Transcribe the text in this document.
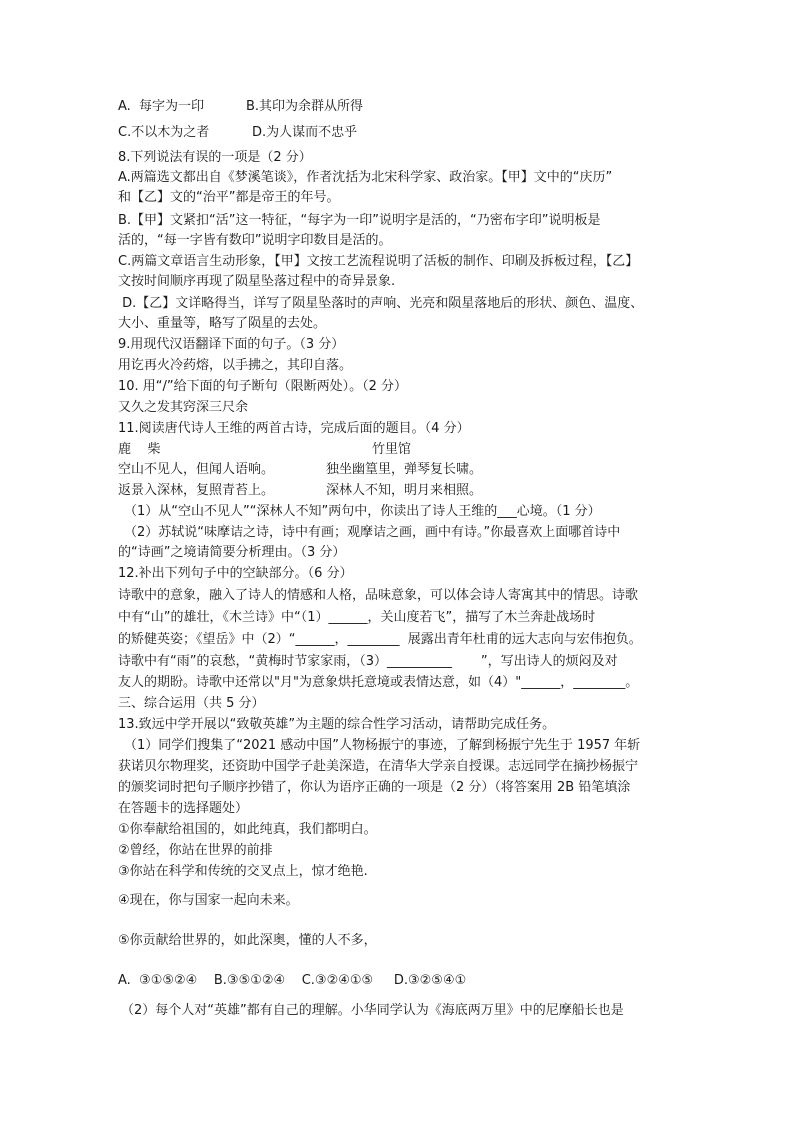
A.  每字为一印	B.其印为余群从所得
C.不以木为之者	D.为人谋而不忠乎
8.下列说法有误的一项是（2 分）
A.两篇选文都出自《梦溪笔谈》，作者沈括为北宋科学家、政治家。【甲】文中的“庆历”
和【乙】文的“治平”都是帝王的年号。
B.【甲】文紧扣“活”这一特征，“每字为一印”说明字是活的，“乃密布字印”说明板是
活的，“每一字皆有数印”说明字印数目是活的。
C.两篇文章语言生动形象，【甲】文按工艺流程说明了活板的制作、印刷及拆板过程，【乙】
文按时间顺序再现了陨星坠落过程中的奇异景象.
D.【乙】文详略得当，详写了陨星坠落时的声响、光亮和陨星落地后的形状、颜色、温度、
大小、重量等，略写了陨星的去处。
9.用现代汉语翻译下面的句子。（3 分）
用讫再火冷药熔，以手拂之，其印自落。
10. 用“/”给下面的句子断句（限断两处）。（2 分）
又久之发其窍深三尺余
11.阅读唐代诗人王维的两首古诗，完成后面的题目。（4 分）
鹿    柴	竹里馆
空山不见人，但闻人语响。	独坐幽篁里，弹琴复长啸。
返景入深林，复照青苔上。	深林人不知，明月来相照。
（1）从“空山不见人”“深林人不知”两句中，你读出了诗人王维的___心境。（1 分）
（2）苏轼说“味摩诘之诗，诗中有画；观摩诘之画，画中有诗。”你最喜欢上面哪首诗中
的“诗画”之境请简要分析理由。（3 分）
12.补出下列句子中的空缺部分。（6 分）
诗歌中的意象，融入了诗人的情感和人格，品味意象，可以体会诗人寄寓其中的情思。诗歌
中有“山”的雄壮，《木兰诗》中“（1）______，关山度若飞”，描写了木兰奔赴战场时
的矫健英姿；《望岳》中（2）“______，________  展露出青年杜甫的远大志向与宏伟抱负。
诗歌中有“雨”的哀愁，“黄梅时节家家雨，（3）__________       ”，写出诗人的烦闷及对
友人的期盼。诗歌中还常以"月"为意象烘托意境或表情达意，如（4）"______，________。
三、综合运用（共 5 分）
13.致远中学开展以“致敬英雄”为主题的综合性学习活动，请帮助完成任务。
（1）同学们搜集了“2021 感动中国”人物杨振宁的事迹，了解到杨振宁先生于 1957 年斩
获诺贝尔物理奖，还资助中国学子赴美深造，在清华大学亲自授课。志远同学在摘抄杨振宁
的颁奖词时把句子顺序抄错了，你认为语序正确的一项是（2 分）（将答案用 2B 铅笔填涂
在答题卡的选择题处）
①你奉献给祖国的，如此纯真，我们都明白。
②曾经，你站在世界的前排
③你站在科学和传统的交叉点上，惊才绝艳.
④现在，你与国家一起向未来。
⑤你贡献给世界的，如此深奥，懂的人不多，
A.  ③①⑤②④    B.③⑤①②④    C.③②④①⑤     D.③②⑤④①
（2）每个人对“英雄”都有自己的理解。小华同学认为《海底两万里》中的尼摩船长也是
